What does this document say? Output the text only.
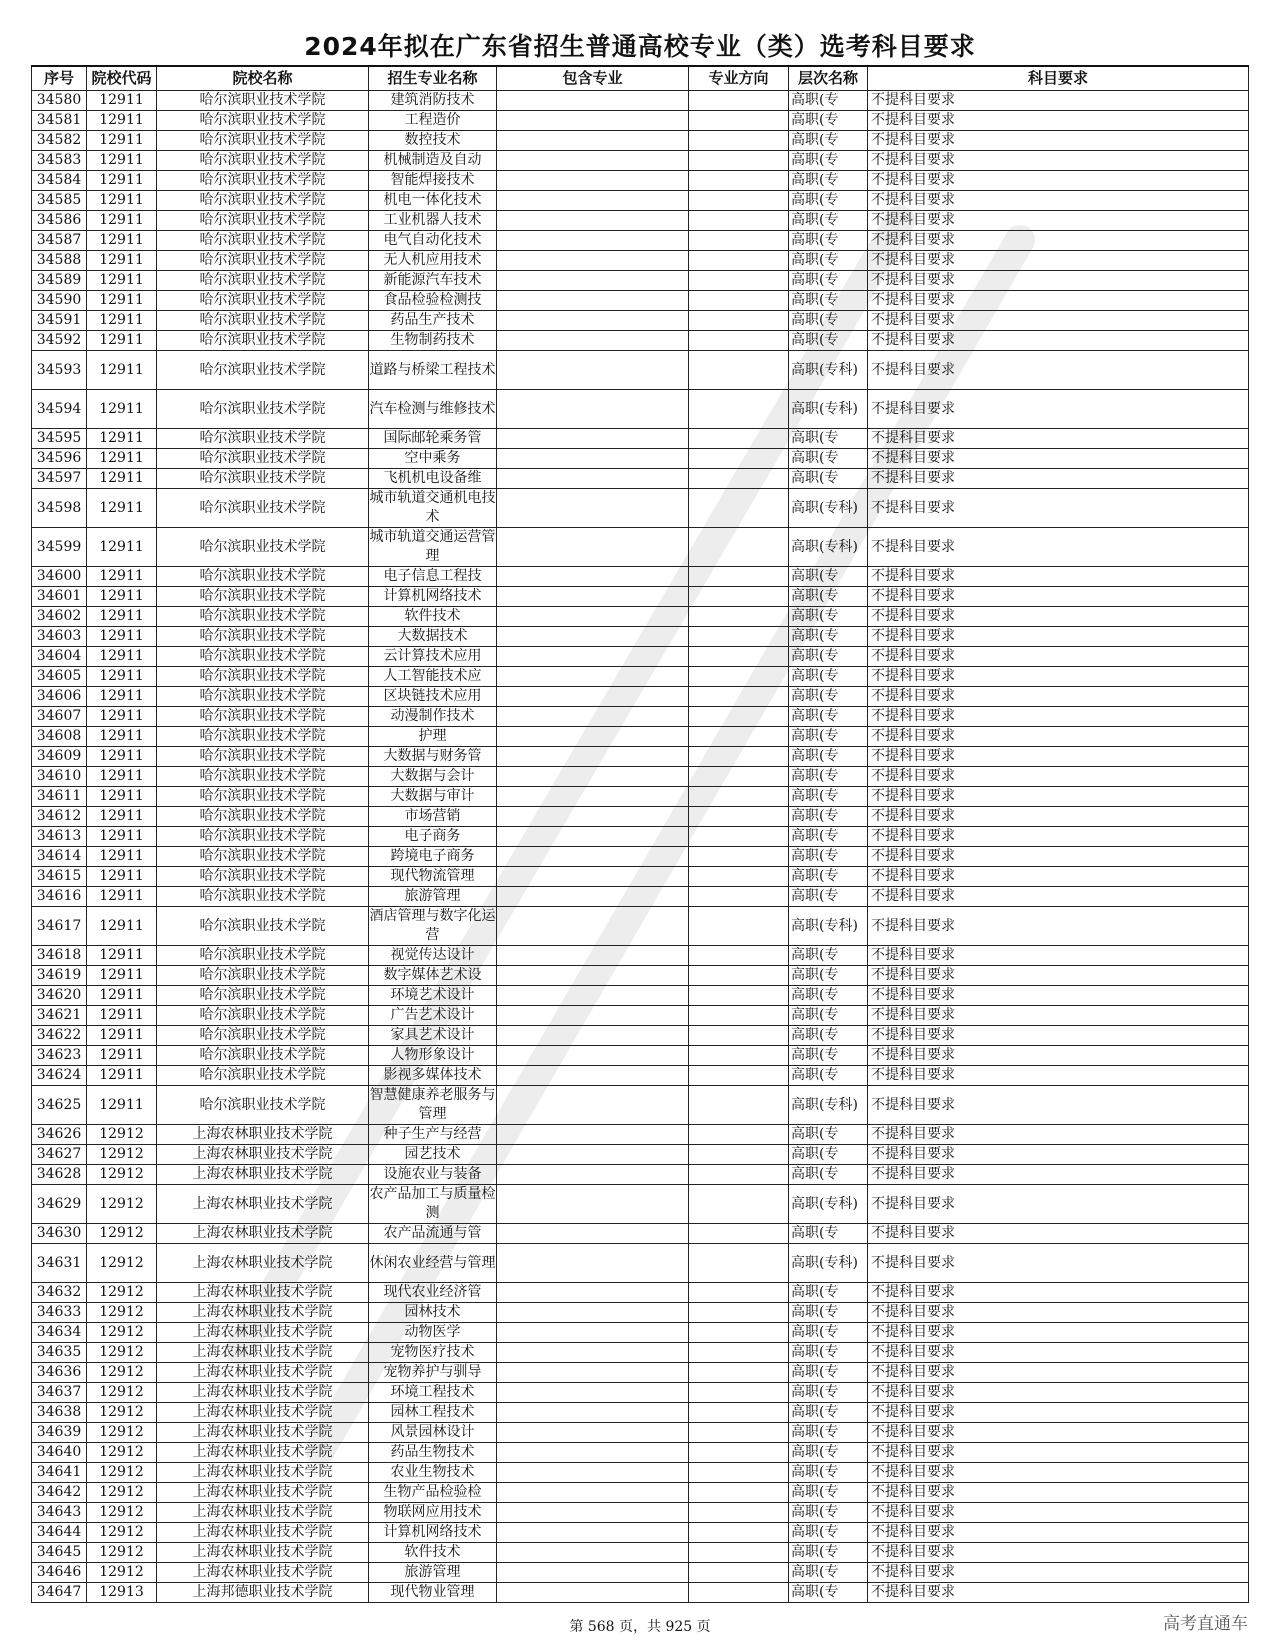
2024年拟在广东省招生普通高校专业（类）选考科目要求
序号	院校代码	院校名称	招生专业名称	包含专业	专业方向	层次名称	科目要求
34580	12911	哈尔滨职业技术学院	建筑消防技术			高职(专	不提科目要求
34581	12911	哈尔滨职业技术学院	工程造价			高职(专	不提科目要求
34582	12911	哈尔滨职业技术学院	数控技术			高职(专	不提科目要求
34583	12911	哈尔滨职业技术学院	机械制造及自动			高职(专	不提科目要求
34584	12911	哈尔滨职业技术学院	智能焊接技术			高职(专	不提科目要求
34585	12911	哈尔滨职业技术学院	机电一体化技术			高职(专	不提科目要求
34586	12911	哈尔滨职业技术学院	工业机器人技术			高职(专	不提科目要求
34587	12911	哈尔滨职业技术学院	电气自动化技术			高职(专	不提科目要求
34588	12911	哈尔滨职业技术学院	无人机应用技术			高职(专	不提科目要求
34589	12911	哈尔滨职业技术学院	新能源汽车技术			高职(专	不提科目要求
34590	12911	哈尔滨职业技术学院	食品检验检测技			高职(专	不提科目要求
34591	12911	哈尔滨职业技术学院	药品生产技术			高职(专	不提科目要求
34592	12911	哈尔滨职业技术学院	生物制药技术			高职(专	不提科目要求
34593	12911	哈尔滨职业技术学院	道路与桥梁工程技术			高职(专科)	不提科目要求
34594	12911	哈尔滨职业技术学院	汽车检测与维修技术			高职(专科)	不提科目要求
34595	12911	哈尔滨职业技术学院	国际邮轮乘务管			高职(专	不提科目要求
34596	12911	哈尔滨职业技术学院	空中乘务			高职(专	不提科目要求
34597	12911	哈尔滨职业技术学院	飞机机电设备维			高职(专	不提科目要求
34598	12911	哈尔滨职业技术学院	城市轨道交通机电技术			高职(专科)	不提科目要求
34599	12911	哈尔滨职业技术学院	城市轨道交通运营管理			高职(专科)	不提科目要求
34600	12911	哈尔滨职业技术学院	电子信息工程技			高职(专	不提科目要求
34601	12911	哈尔滨职业技术学院	计算机网络技术			高职(专	不提科目要求
34602	12911	哈尔滨职业技术学院	软件技术			高职(专	不提科目要求
34603	12911	哈尔滨职业技术学院	大数据技术			高职(专	不提科目要求
34604	12911	哈尔滨职业技术学院	云计算技术应用			高职(专	不提科目要求
34605	12911	哈尔滨职业技术学院	人工智能技术应			高职(专	不提科目要求
34606	12911	哈尔滨职业技术学院	区块链技术应用			高职(专	不提科目要求
34607	12911	哈尔滨职业技术学院	动漫制作技术			高职(专	不提科目要求
34608	12911	哈尔滨职业技术学院	护理			高职(专	不提科目要求
34609	12911	哈尔滨职业技术学院	大数据与财务管			高职(专	不提科目要求
34610	12911	哈尔滨职业技术学院	大数据与会计			高职(专	不提科目要求
34611	12911	哈尔滨职业技术学院	大数据与审计			高职(专	不提科目要求
34612	12911	哈尔滨职业技术学院	市场营销			高职(专	不提科目要求
34613	12911	哈尔滨职业技术学院	电子商务			高职(专	不提科目要求
34614	12911	哈尔滨职业技术学院	跨境电子商务			高职(专	不提科目要求
34615	12911	哈尔滨职业技术学院	现代物流管理			高职(专	不提科目要求
34616	12911	哈尔滨职业技术学院	旅游管理			高职(专	不提科目要求
34617	12911	哈尔滨职业技术学院	酒店管理与数字化运营			高职(专科)	不提科目要求
34618	12911	哈尔滨职业技术学院	视觉传达设计			高职(专	不提科目要求
34619	12911	哈尔滨职业技术学院	数字媒体艺术设			高职(专	不提科目要求
34620	12911	哈尔滨职业技术学院	环境艺术设计			高职(专	不提科目要求
34621	12911	哈尔滨职业技术学院	广告艺术设计			高职(专	不提科目要求
34622	12911	哈尔滨职业技术学院	家具艺术设计			高职(专	不提科目要求
34623	12911	哈尔滨职业技术学院	人物形象设计			高职(专	不提科目要求
34624	12911	哈尔滨职业技术学院	影视多媒体技术			高职(专	不提科目要求
34625	12911	哈尔滨职业技术学院	智慧健康养老服务与管理			高职(专科)	不提科目要求
34626	12912	上海农林职业技术学院	种子生产与经营			高职(专	不提科目要求
34627	12912	上海农林职业技术学院	园艺技术			高职(专	不提科目要求
34628	12912	上海农林职业技术学院	设施农业与装备			高职(专	不提科目要求
34629	12912	上海农林职业技术学院	农产品加工与质量检测			高职(专科)	不提科目要求
34630	12912	上海农林职业技术学院	农产品流通与管			高职(专	不提科目要求
34631	12912	上海农林职业技术学院	休闲农业经营与管理			高职(专科)	不提科目要求
34632	12912	上海农林职业技术学院	现代农业经济管			高职(专	不提科目要求
34633	12912	上海农林职业技术学院	园林技术			高职(专	不提科目要求
34634	12912	上海农林职业技术学院	动物医学			高职(专	不提科目要求
34635	12912	上海农林职业技术学院	宠物医疗技术			高职(专	不提科目要求
34636	12912	上海农林职业技术学院	宠物养护与驯导			高职(专	不提科目要求
34637	12912	上海农林职业技术学院	环境工程技术			高职(专	不提科目要求
34638	12912	上海农林职业技术学院	园林工程技术			高职(专	不提科目要求
34639	12912	上海农林职业技术学院	风景园林设计			高职(专	不提科目要求
34640	12912	上海农林职业技术学院	药品生物技术			高职(专	不提科目要求
34641	12912	上海农林职业技术学院	农业生物技术			高职(专	不提科目要求
34642	12912	上海农林职业技术学院	生物产品检验检			高职(专	不提科目要求
34643	12912	上海农林职业技术学院	物联网应用技术			高职(专	不提科目要求
34644	12912	上海农林职业技术学院	计算机网络技术			高职(专	不提科目要求
34645	12912	上海农林职业技术学院	软件技术			高职(专	不提科目要求
34646	12912	上海农林职业技术学院	旅游管理			高职(专	不提科目要求
34647	12913	上海邦德职业技术学院	现代物业管理			高职(专	不提科目要求
第 568 页，共 925 页	高考直通车
